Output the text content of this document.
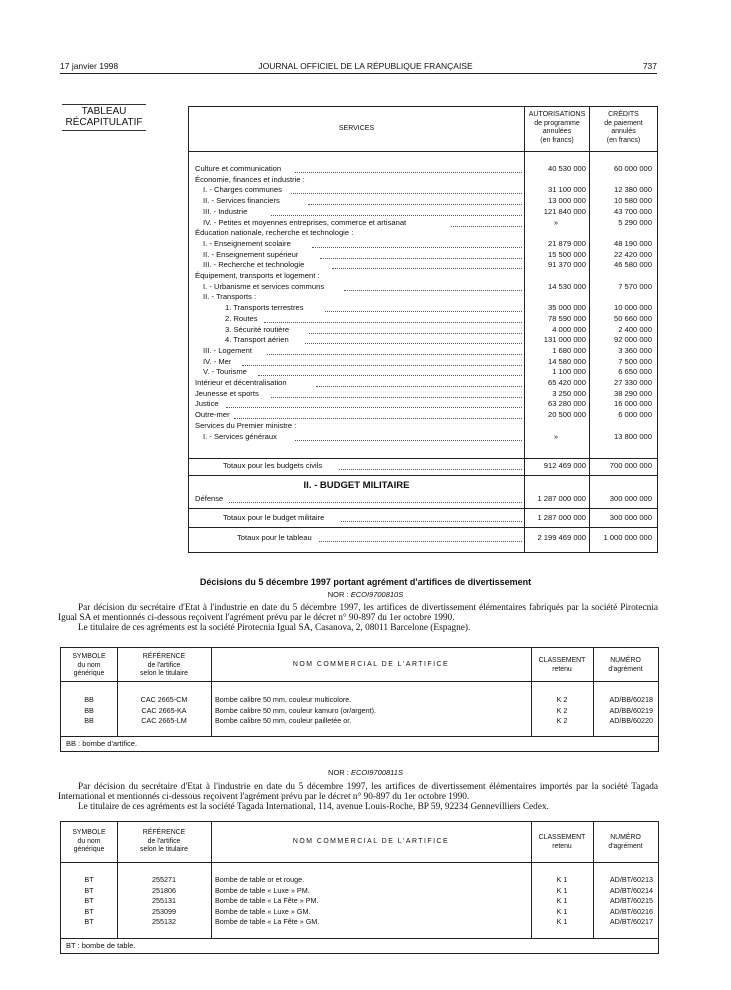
17 janvier 1998	JOURNAL OFFICIEL DE LA RÉPUBLIQUE FRANÇAISE	737
TABLEAU
RÉCAPITULATIF
SERVICES
AUTORISATIONS
de programme
annulées
(en francs)
CRÉDITS
de paiement
annulés
(en francs)
Culture et communication	40 530 000	60 000 000
Économie, finances et industrie :
I. - Charges communes	31 100 000	12 380 000
II. - Services financiers	13 000 000	10 580 000
III. - Industrie	121 840 000	43 700 000
IV. - Petites et moyennes entreprises, commerce et artisanat	»	5 290 000
Éducation nationale, recherche et technologie :
I. - Enseignement scolaire	21 879 000	48 190 000
II. - Enseignement supérieur	15 500 000	22 420 000
III. - Recherche et technologie	91 370 000	46 580 000
Équipement, transports et logement :
I. - Urbanisme et services communs	14 530 000	7 570 000
II. - Transports :
1. Transports terrestres	35 000 000	10 000 000
2. Routes	78 590 000	50 660 000
3. Sécurité routière	4 000 000	2 400 000
4. Transport aérien	131 000 000	92 000 000
III. - Logement	1 680 000	3 360 000
IV. - Mer	14 580 000	7 500 000
V. - Tourisme	1 100 000	6 650 000
Intérieur et décentralisation	65 420 000	27 330 000
Jeunesse et sports	3 250 000	38 290 000
Justice	63 280 000	16 000 000
Outre-mer	20 500 000	6 000 000
Services du Premier ministre :
I. - Services généraux	»	13 800 000
Totaux pour les budgets civils	912 469 000	700 000 000
II. - BUDGET MILITAIRE
Défense	1 287 000 000	300 000 000
Totaux pour le budget militaire	1 287 000 000	300 000 000
Totaux pour le tableau	2 199 469 000	1 000 000 000
Décisions du 5 décembre 1997 portant agrément d'artifices de divertissement
NOR : ECOI9700810S
Par décision du secrétaire d'Etat à l'industrie en date du 5 décembre 1997, les artifices de divertissement élémentaires fabriqués par la société Pirotecnia Igual SA et mentionnés ci-dessous reçoivent l'agrément prévu par le décret n° 90-897 du 1er octobre 1990.
Le titulaire de ces agréments est la société Pirotecnia Igual SA, Casanova, 2, 08011 Barcelone (Espagne).
SYMBOLE
du nom
générique
RÉFÉRENCE
de l'artifice
selon le titulaire
NOM COMMERCIAL DE L'ARTIFICE
CLASSEMENT
retenu
NUMÉRO
d'agrément
BB	CAC 2665-CM	Bombe calibre 50 mm, couleur multicolore.	K 2	AD/BB/60218
BB	CAC 2665-KA	Bombe calibre 50 mm, couleur kamuro (or/argent).	K 2	AD/BB/60219
BB	CAC 2665-LM	Bombe calibre 50 mm, couleur pailletée or.	K 2	AD/BB/60220
BB : bombe d'artifice.
NOR : ECOI9700811S
Par décision du secrétaire d'Etat à l'industrie en date du 5 décembre 1997, les artifices de divertissement élémentaires importés par la société Tagada International et mentionnés ci-dessous reçoivent l'agrément prévu par le décret n° 90-897 du 1er octobre 1990.
Le titulaire de ces agréments est la société Tagada International, 114, avenue Louis-Roche, BP 59, 92234 Gennevilliers Cedex.
SYMBOLE
du nom
générique
RÉFÉRENCE
de l'artifice
selon le titulaire
NOM COMMERCIAL DE L'ARTIFICE
CLASSEMENT
retenu
NUMÉRO
d'agrément
BT	255271	Bombe de table or et rouge.	K 1	AD/BT/60213
BT	251806	Bombe de table « Luxe » PM.	K 1	AD/BT/60214
BT	255131	Bombe de table « La Fête » PM.	K 1	AD/BT/60215
BT	253099	Bombe de table « Luxe » GM.	K 1	AD/BT/60216
BT	255132	Bombe de table « La Fête » GM.	K 1	AD/BT/60217
BT : bombe de table.
